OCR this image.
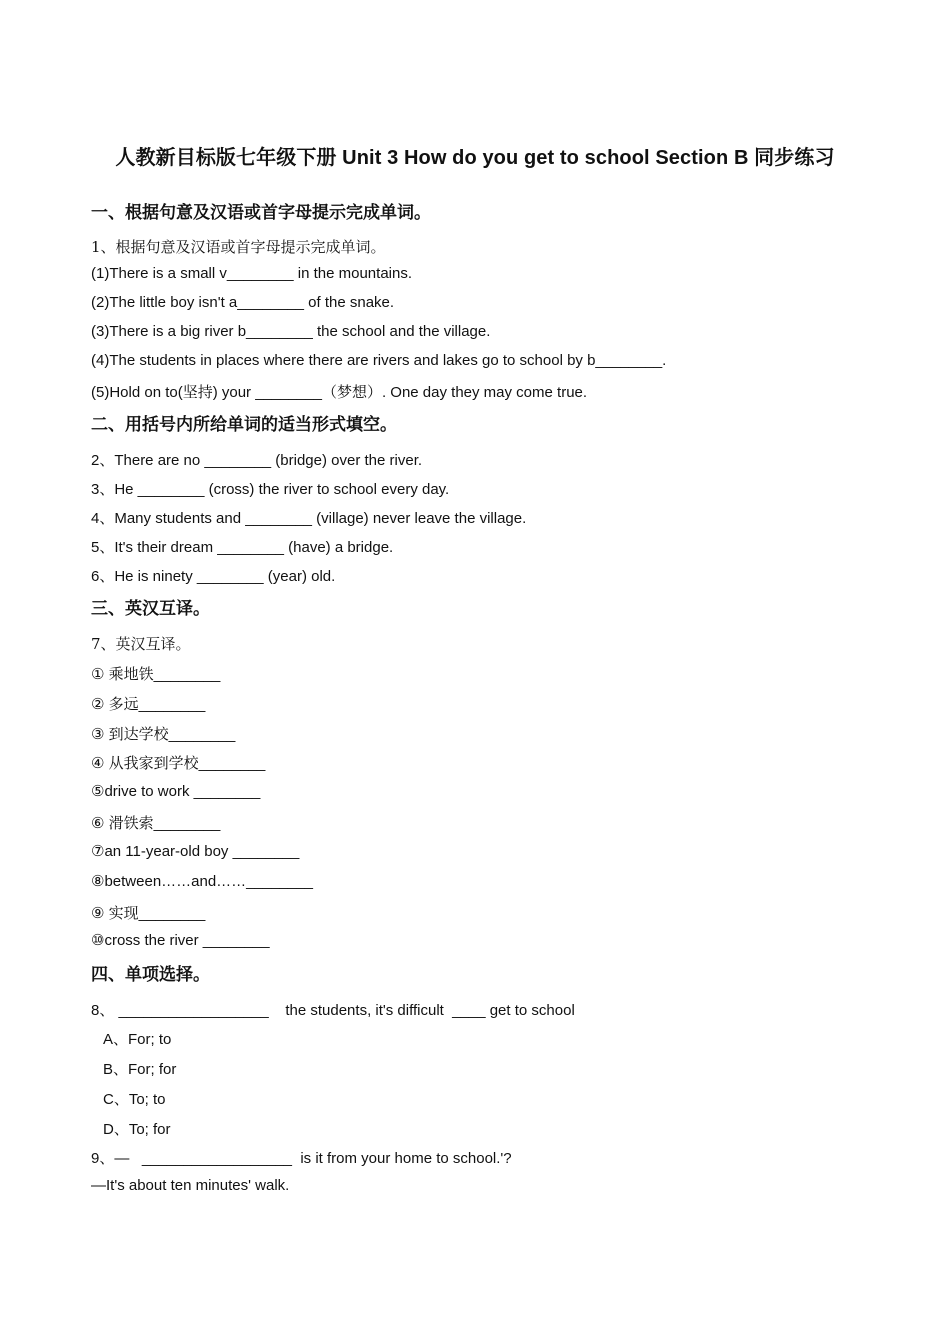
人教新目标版七年级下册 Unit 3 How do you get to school Section B 同步练习
一、根据句意及汉语或首字母提示完成单词。
1、根据句意及汉语或首字母提示完成单词。
(1)There is a small v________ in the mountains.
(2)The little boy isn't a________ of the snake.
(3)There is a big river b________ the school and the village.
(4)The students in places where there are rivers and lakes go to school by b________.
(5)Hold on to(坚持) your ________（梦想）. One day they may come true.
二、用括号内所给单词的适当形式填空。
2、There are no ________ (bridge) over the river.
3、He ________ (cross) the river to school every day.
4、Many students and ________ (village) never leave the village.
5、It's their dream ________ (have) a bridge.
6、He is ninety ________ (year) old.
三、英汉互译。
7、英汉互译。
① 乘地铁________
② 多远________
③ 到达学校________
④ 从我家到学校________
⑤drive to work ________
⑥ 滑铁索________
⑦an 11-year-old boy ________
⑧between……and……________
⑨ 实现________
⑩cross the river ________
四、单项选择。
8、 __________________    the students, it's difficult  ____ get to school
A、For; to
B、For; for
C、To; to
D、To; for
9、—   __________________  is it from your home to school.'?
—It's about ten minutes' walk.
